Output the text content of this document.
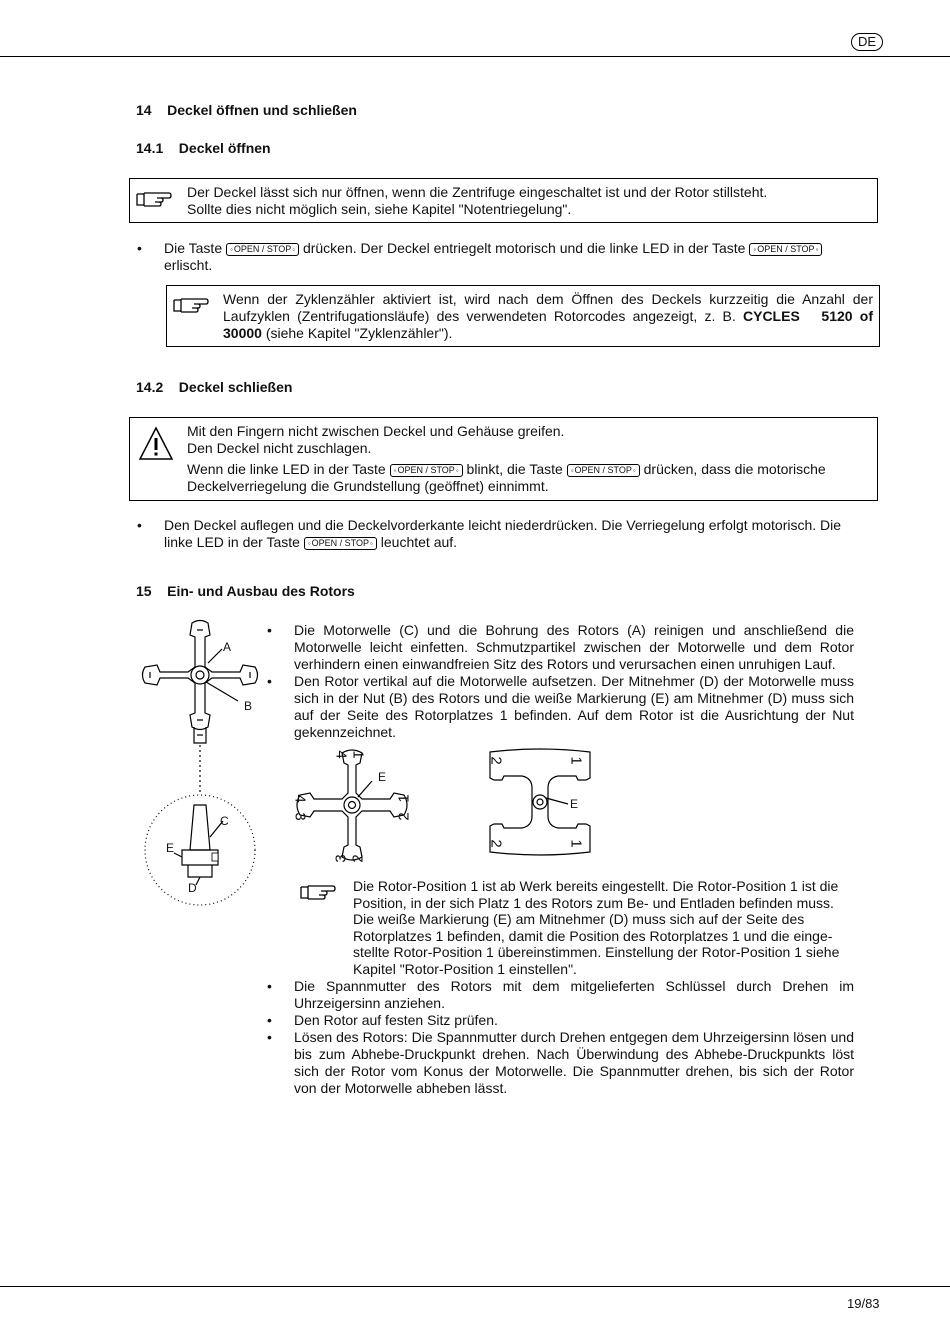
DE
14    Deckel öffnen und schließen
14.1    Deckel öffnen
Der Deckel lässt sich nur öffnen, wenn die Zentrifuge eingeschaltet ist und der Rotor stillsteht.
Sollte dies nicht möglich sein, siehe Kapitel "Notentriegelung".
• Die Taste ◦ OPEN / STOP ◦ drücken. Der Deckel entriegelt motorisch und die linke LED in der Taste ◦ OPEN / STOP ◦ erlischt.
Wenn der Zyklenzähler aktiviert ist, wird nach dem Öffnen des Deckels kurzzeitig die Anzahl der Laufzyklen (Zentrifugationsläufe) des verwendeten Rotorcodes angezeigt, z. B. CYCLES   5120 of 30000 (siehe Kapitel "Zyklenzähler").
14.2    Deckel schließen
Mit den Fingern nicht zwischen Deckel und Gehäuse greifen.
Den Deckel nicht zuschlagen.
Wenn die linke LED in der Taste ◦ OPEN / STOP ◦ blinkt, die Taste ◦ OPEN / STOP ◦ drücken, dass die motorische
Deckelverriegelung die Grundstellung (geöffnet) einnimmt.
• Den Deckel auflegen und die Deckelvorderkante leicht niederdrücken. Die Verriegelung erfolgt motorisch. Die linke LED in der Taste ◦ OPEN / STOP ◦ leuchtet auf.
15    Ein- und Ausbau des Rotors
A
B
C
E
D
• Die Motorwelle (C) und die Bohrung des Rotors (A) reinigen und anschließend die Motorwelle leicht einfetten. Schmutzpartikel zwischen der Motorwelle und dem Rotor verhindern einen einwandfreien Sitz des Rotors und verursachen einen unruhigen Lauf.
• Den Rotor vertikal auf die Motorwelle aufsetzen. Der Mitnehmer (D) der Motorwelle muss sich in der Nut (B) des Rotors und die weiße Markierung (E) am Mitnehmer (D) muss sich auf der Seite des Rotorplatzes 1 befinden. Auf dem Rotor ist die Ausrichtung der Nut gekennzeichnet.
4 1
E
4
3
1
2
3 2
2	1
E
2	1
Die Rotor-Position 1 ist ab Werk bereits eingestellt. Die Rotor-Position 1 ist die
Position, in der sich Platz 1 des Rotors zum Be- und Entladen befinden muss.
Die weiße Markierung (E) am Mitnehmer (D) muss sich auf der Seite des
Rotorplatzes 1 befinden, damit die Position des Rotorplatzes 1 und die einge-
stellte Rotor-Position 1 übereinstimmen. Einstellung der Rotor-Position 1 siehe
Kapitel "Rotor-Position 1 einstellen".
• Die Spannmutter des Rotors mit dem mitgelieferten Schlüssel durch Drehen im Uhrzeigersinn anziehen.
• Den Rotor auf festen Sitz prüfen.
• Lösen des Rotors: Die Spannmutter durch Drehen entgegen dem Uhrzeigersinn lösen und bis zum Abhebe-Druckpunkt drehen. Nach Überwindung des Abhebe-Druckpunkts löst sich der Rotor vom Konus der Motorwelle. Die Spannmutter drehen, bis sich der Rotor von der Motorwelle abheben lässt.
19/83
